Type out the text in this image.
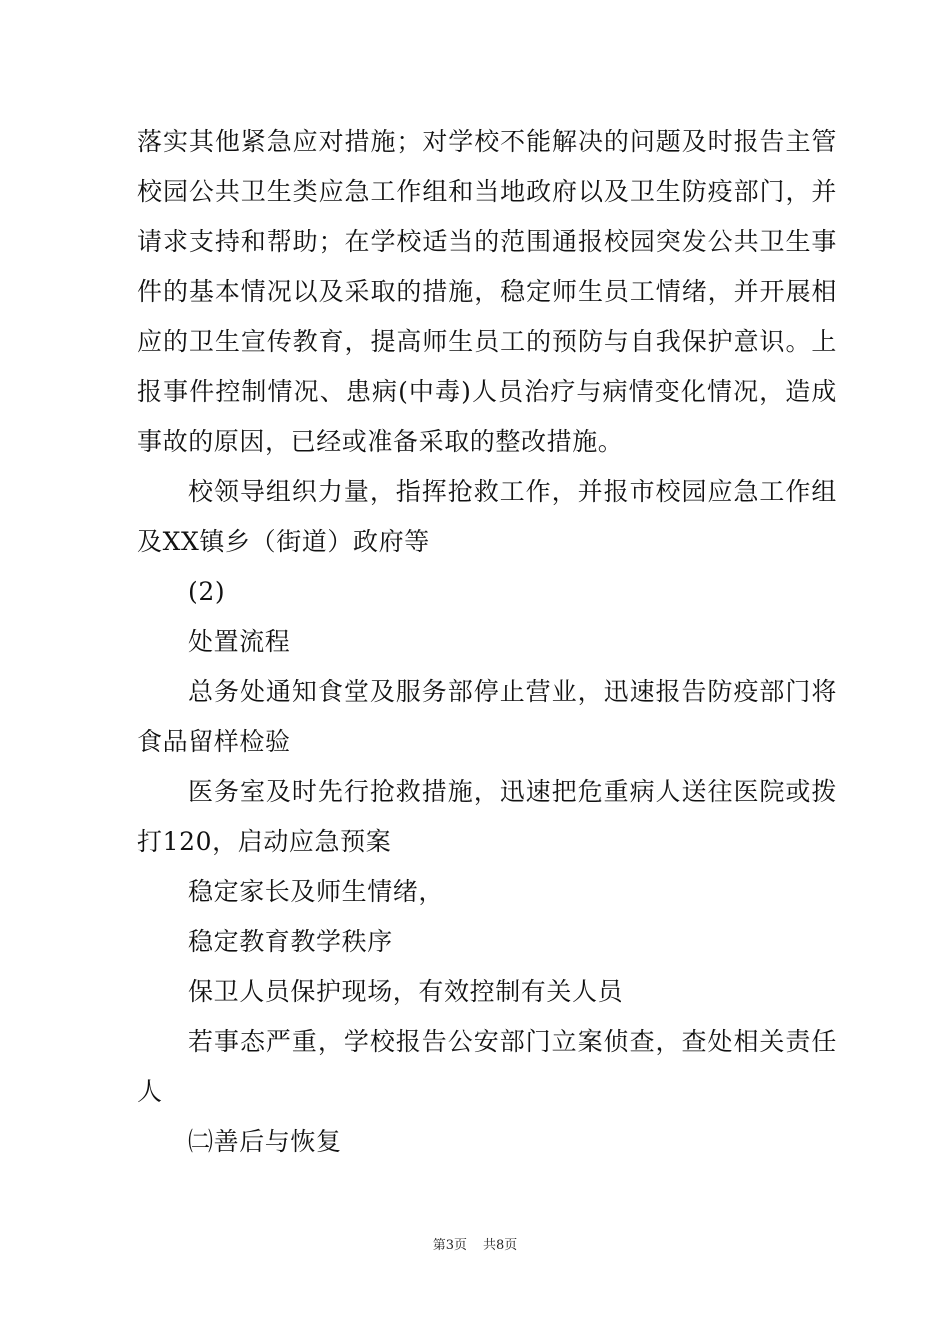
落实其他紧急应对措施；对学校不能解决的问题及时报告主管校园公共卫生类应急工作组和当地政府以及卫生防疫部门，并请求支持和帮助；在学校适当的范围通报校园突发公共卫生事件的基本情况以及采取的措施，稳定师生员工情绪，并开展相应的卫生宣传教育，提高师生员工的预防与自我保护意识。上报事件控制情况、患病(中毒)人员治疗与病情变化情况，造成事故的原因，已经或准备采取的整改措施。

校领导组织力量，指挥抢救工作，并报市校园应急工作组及XX镇乡（街道）政府等

(2)

处置流程

总务处通知食堂及服务部停止营业，迅速报告防疫部门将食品留样检验

医务室及时先行抢救措施，迅速把危重病人送往医院或拨打120，启动应急预案

稳定家长及师生情绪，

稳定教育教学秩序

保卫人员保护现场，有效控制有关人员

若事态严重，学校报告公安部门立案侦查，查处相关责任人

㈡善后与恢复

第3页 共8页
